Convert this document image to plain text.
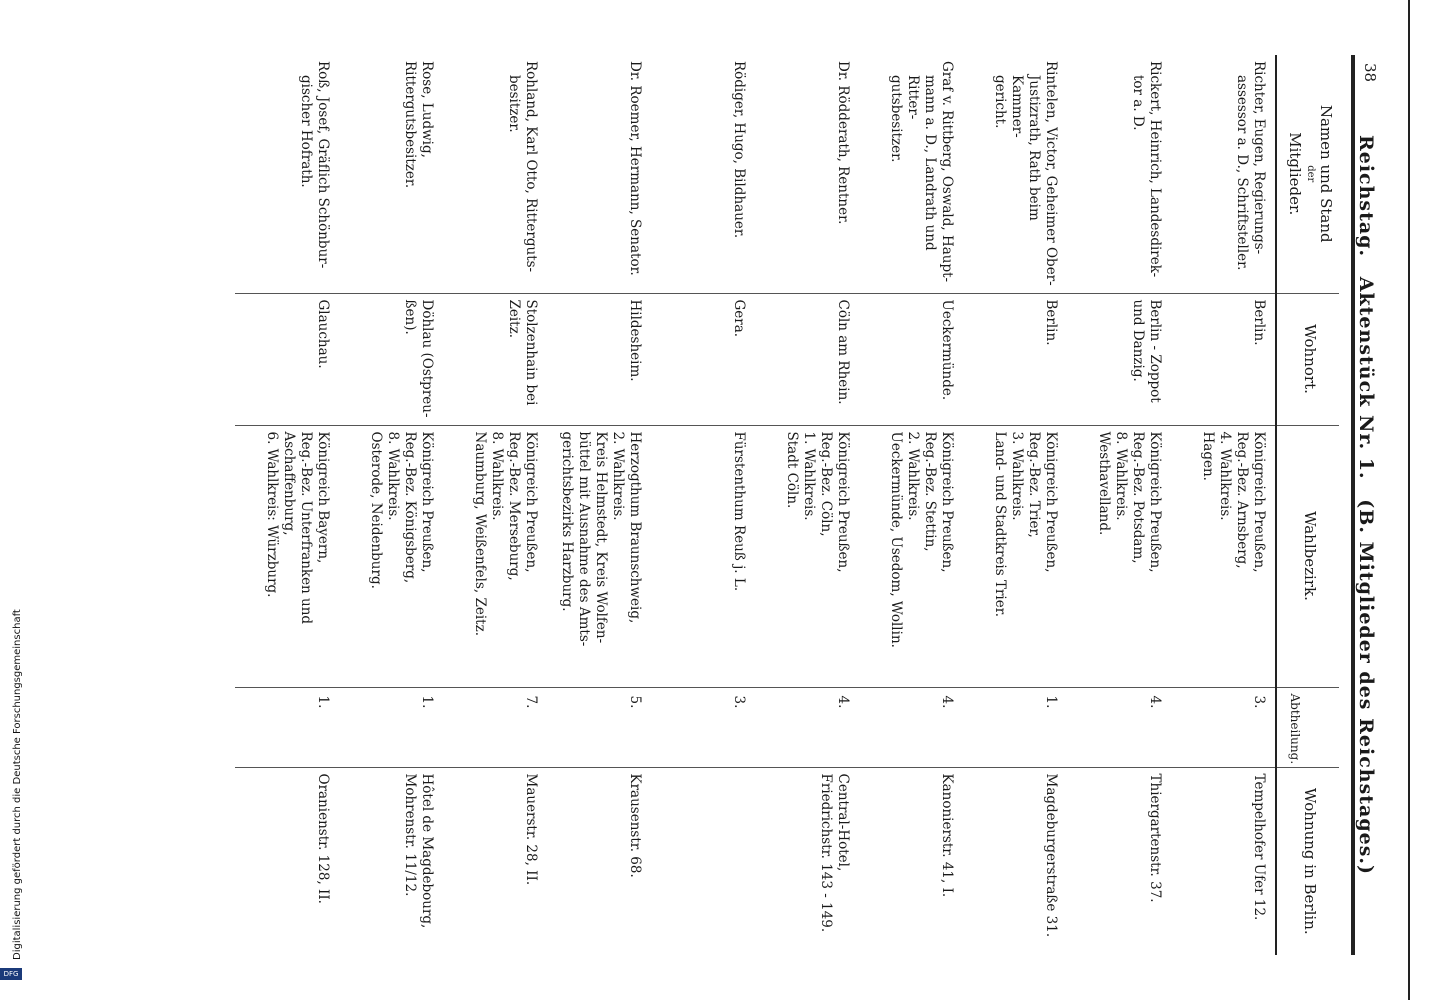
38
Reichstag. Aktenstück Nr. 1. (B. Mitglieder des Reichstages.)
Namen und Stand
der
Mitglieder.	Wohnort.	Wahlbezirk.	Abtheilung.	Wohnung in Berlin.

Richter, Eugen, Regierungs-
assessor a. D., Schriftsteller.	Berlin.	Königreich Preußen,
Reg.-Bez. Arnsberg,
4. Wahlkreis.
Hagen.	3.	Tempelhofer Ufer 12.

Rickert, Heinrich, Landesdirek-
tor a. D.	Berlin - Zoppot
und Danzig.	Königreich Preußen,
Reg.-Bez. Potsdam,
8. Wahlkreis.
Westhavelland.	4.	Thiergartenstr. 37.

Rintelen, Victor, Geheimer Ober-
Justizrath, Rath beim Kammer-
gericht.	Berlin.	Königreich Preußen,
Reg.-Bez. Trier,
3. Wahlkreis.
Land- und Stadtkreis Trier.	1.	Magdeburgerstraße 31.

Graf v. Rittberg, Oswald, Haupt-
mann a. D., Landrath und Ritter-
gutsbesitzer.	Ueckermünde.	Königreich Preußen,
Reg.-Bez. Stettin,
2. Wahlkreis.
Ueckermünde, Usedom, Wollin.	4.	Kanonierstr. 41, I.

Dr. Rödderath, Rentner.	Cöln am Rhein.	Königreich Preußen,
Reg.-Bez. Cöln,
1. Wahlkreis.
Stadt Cöln.	4.	Central-Hotel,
Friedrichstr. 143 - 149.

Rödiger, Hugo, Bildhauer.	Gera.	Fürstenthum Reuß j. L.	3.	

Dr. Roemer, Hermann, Senator.	Hildesheim.	Herzogthum Braunschweig,
2. Wahlkreis.
Kreis Helmstedt, Kreis Wolfen-
büttel mit Ausnahme des Amts-
gerichtsbezirks Harzburg.	5.	Krausenstr. 68.

Rohland, Karl Otto, Ritterguts-
besitzer.	Stolzenhain bei
Zeitz.	Königreich Preußen,
Reg.-Bez. Merseburg,
8. Wahlkreis.
Naumburg, Weißenfels, Zeitz.	7.	Mauerstr. 28, II.

Rose, Ludwig, Rittergutsbesitzer.	Döhlau (Ostpreu-
ßen).	Königreich Preußen,
Reg.-Bez. Königsberg,
8. Wahlkreis.
Osterode, Neidenburg.	1.	Hôtel de Magdebourg,
Mohrenstr. 11/12.

Roß, Josef, Gräflich Schönbur-
gischer Hofrath.	Glauchau.	Königreich Bayern,
Reg.-Bez. Unterfranken und
Aschaffenburg,
6. Wahlkreis: Würzburg.	1.	Oranienstr. 128, II.
Digitalisierung gefördert durch die Deutsche Forschungsgemeinschaft
DFG
